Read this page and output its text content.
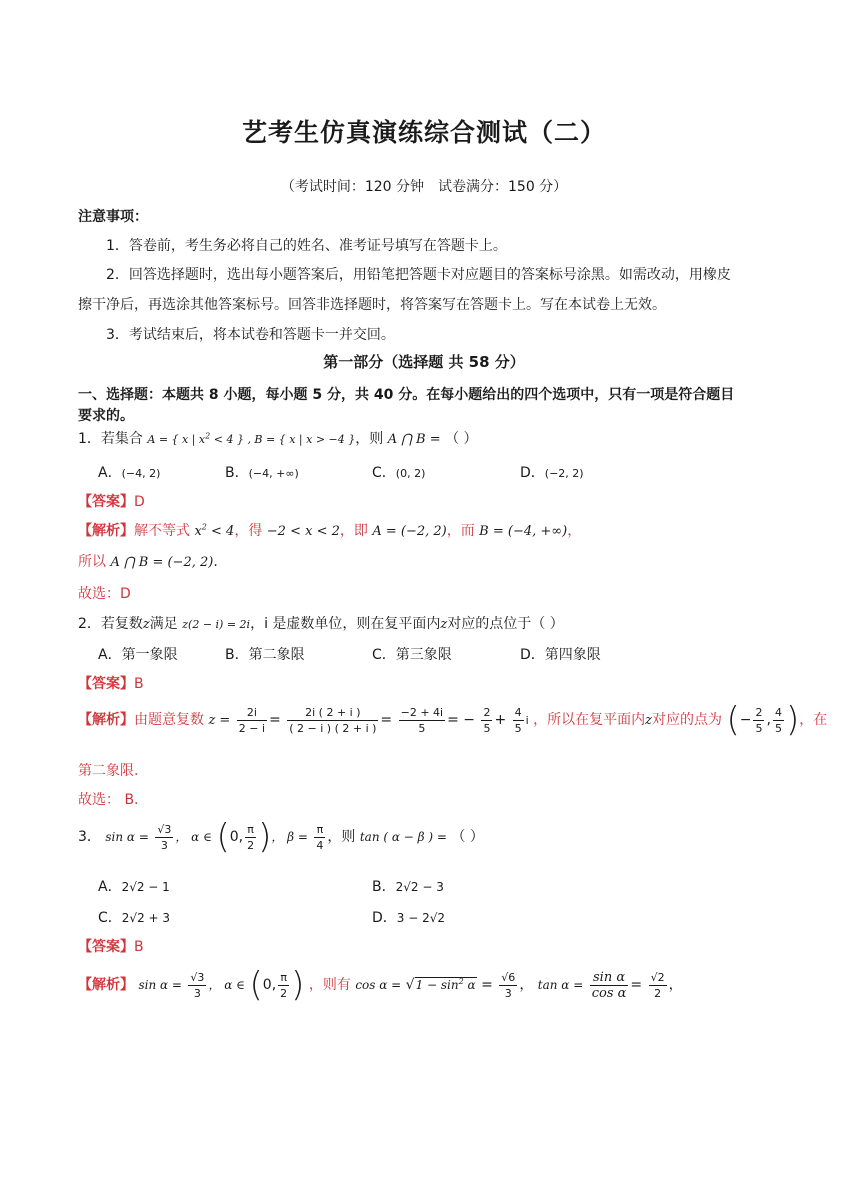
艺考生仿真演练综合测试（二）
（考试时间：120 分钟 试卷满分：150 分）
注意事项：
1．答卷前，考生务必将自己的姓名、准考证号填写在答题卡上。
2．回答选择题时，选出每小题答案后，用铅笔把答题卡对应题目的答案标号涂黑。如需改动，用橡皮
擦干净后，再选涂其他答案标号。回答非选择题时，将答案写在答题卡上。写在本试卷上无效。
3．考试结束后，将本试卷和答题卡一并交回。
第一部分（选择题 共 58 分）
一、选择题：本题共 8 小题，每小题 5 分，共 40 分。在每小题给出的四个选项中，只有一项是符合题目
要求的。
1．若集合 A = { x | $x^2 < 4$ } , B = { x | x > −4 }，则 A ⋂ B = （ ）
A．(−4, 2)	B．(−4, +∞)	C．(0, 2)	D．(−2, 2)
【答案】D
【解析】解不等式 $x^2 < 4$，得 −2 < x < 2，即 A = (−2, 2)，而 B = (−4, +∞)，
所以 A ⋂ B = (−2, 2).
故选：D
2．若复数z满足 z(2 − i) = 2i，i 是虚数单位，则在复平面内z对应的点位于（ ）
A．第一象限	B．第二象限	C．第三象限	D．第四象限
【答案】B
【解析】由题意复数 $z = \frac{2i}{2 - i} = \frac{2i ( 2 + i )}{( 2 - i ) ( 2 + i )} = \frac{-2 + 4i}{5}$ = − $\frac{2}{5} + \frac{4}{5}$ i ，所以在复平面内z对应的点为 (− $\frac{2}{5}$ , $\frac{4}{5}$ )，在
第二象限.
故选： B.
3． $\sin \alpha = \frac{√3}{3}$ ， α ∈ (0, $\frac{\pi}{2}$ )， $\beta = \frac{\pi}{4}$ ，则 tan ( α − β ) = （ ）
A．2√2 − 1	B．2√2 − 3
C．2√2 + 3	D．3 − 2√2
【答案】B
【解析】 $\sin \alpha = \frac{√3}{3}$ ， α ∈ (0, $\frac{\pi}{2}$ ) ，则有 $\cos \alpha = √1 - \sin^2 \alpha = \frac{√6}{3}$ ， $\tan \alpha = \frac{\text{sin α}}{\text{cos α}} = \frac{√2}{2}$ ，
